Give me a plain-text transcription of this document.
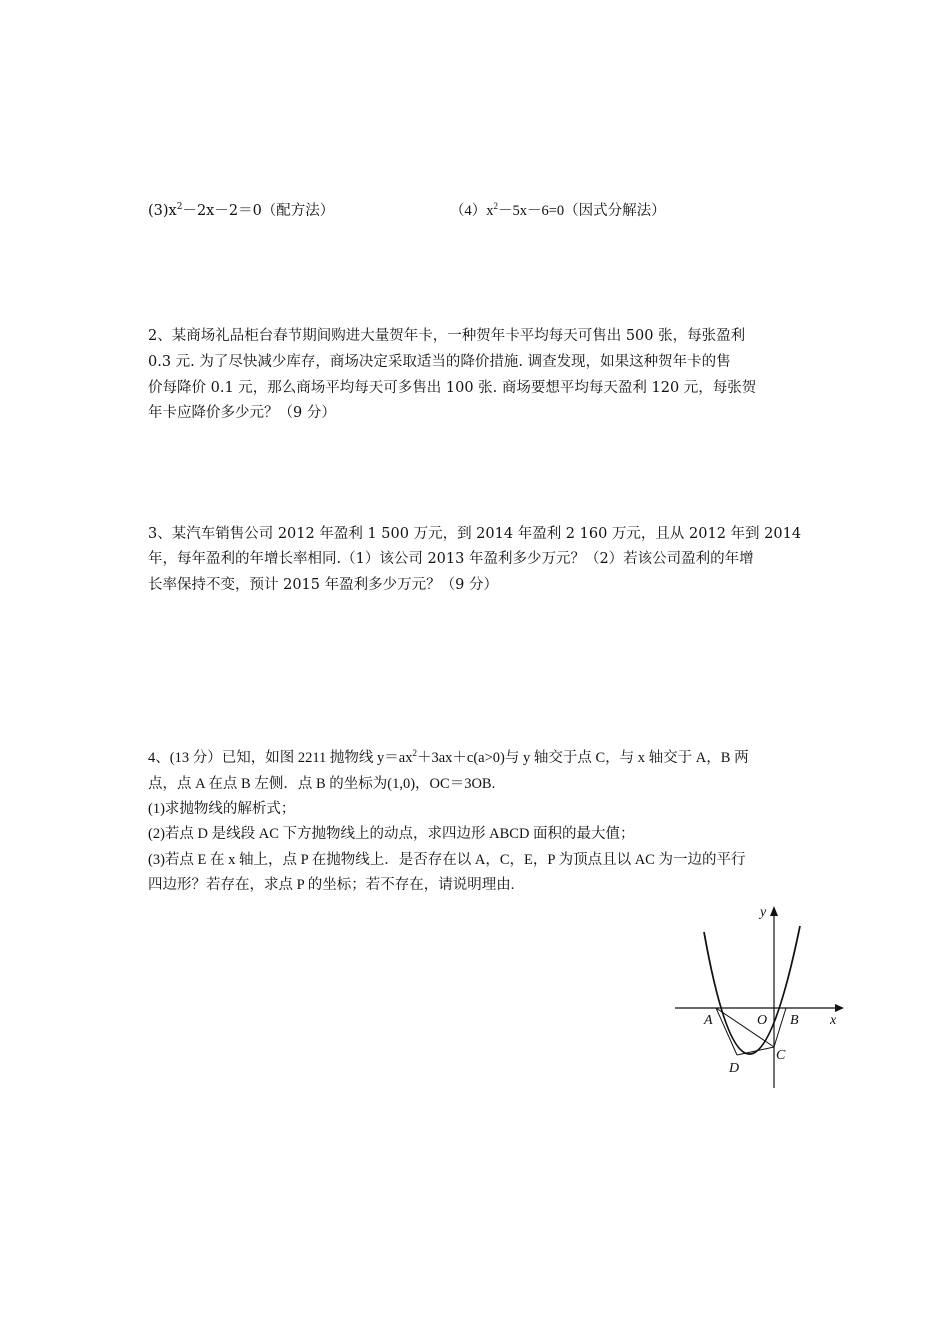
$(3)x^2-2x-2=0$（配方法）	$(4)x^2-5x-6=0$（因式分解法）
2、某商场礼品柜台春节期间购进大量贺年卡，一种贺年卡平均每天可售出 500 张，每张盈利
0.3 元. 为了尽快减少库存，商场决定采取适当的降价措施. 调查发现，如果这种贺年卡的售
价每降价 0.1 元，那么商场平均每天可多售出 100 张. 商场要想平均每天盈利 120 元，每张贺
年卡应降价多少元？（9 分）
3、某汽车销售公司 2012 年盈利 1 500 万元，到 2014 年盈利 2 160 万元，且从 2012 年到 2014
年，每年盈利的年增长率相同.（1）该公司 2013 年盈利多少万元？（2）若该公司盈利的年增
长率保持不变，预计 2015 年盈利多少万元？（9 分）
4、(13 分）已知，如图 2211 抛物线 $y=ax^2+3ax+c(a>0)$与 y 轴交于点 C，与 x 轴交于 A，B 两
点，点 A 在点 B 左侧．点 B 的坐标为(1,0)，OC＝3OB.
(1)求抛物线的解析式；
(2)若点 D 是线段 AC 下方抛物线上的动点，求四边形 ABCD 面积的最大值；
(3)若点 E 在 x 轴上，点 P 在抛物线上．是否存在以 A，C，E，P 为顶点且以 AC 为一边的平行
四边形？若存在，求点 P 的坐标；若不存在，请说明理由.
y
x
A	O B
C
D
